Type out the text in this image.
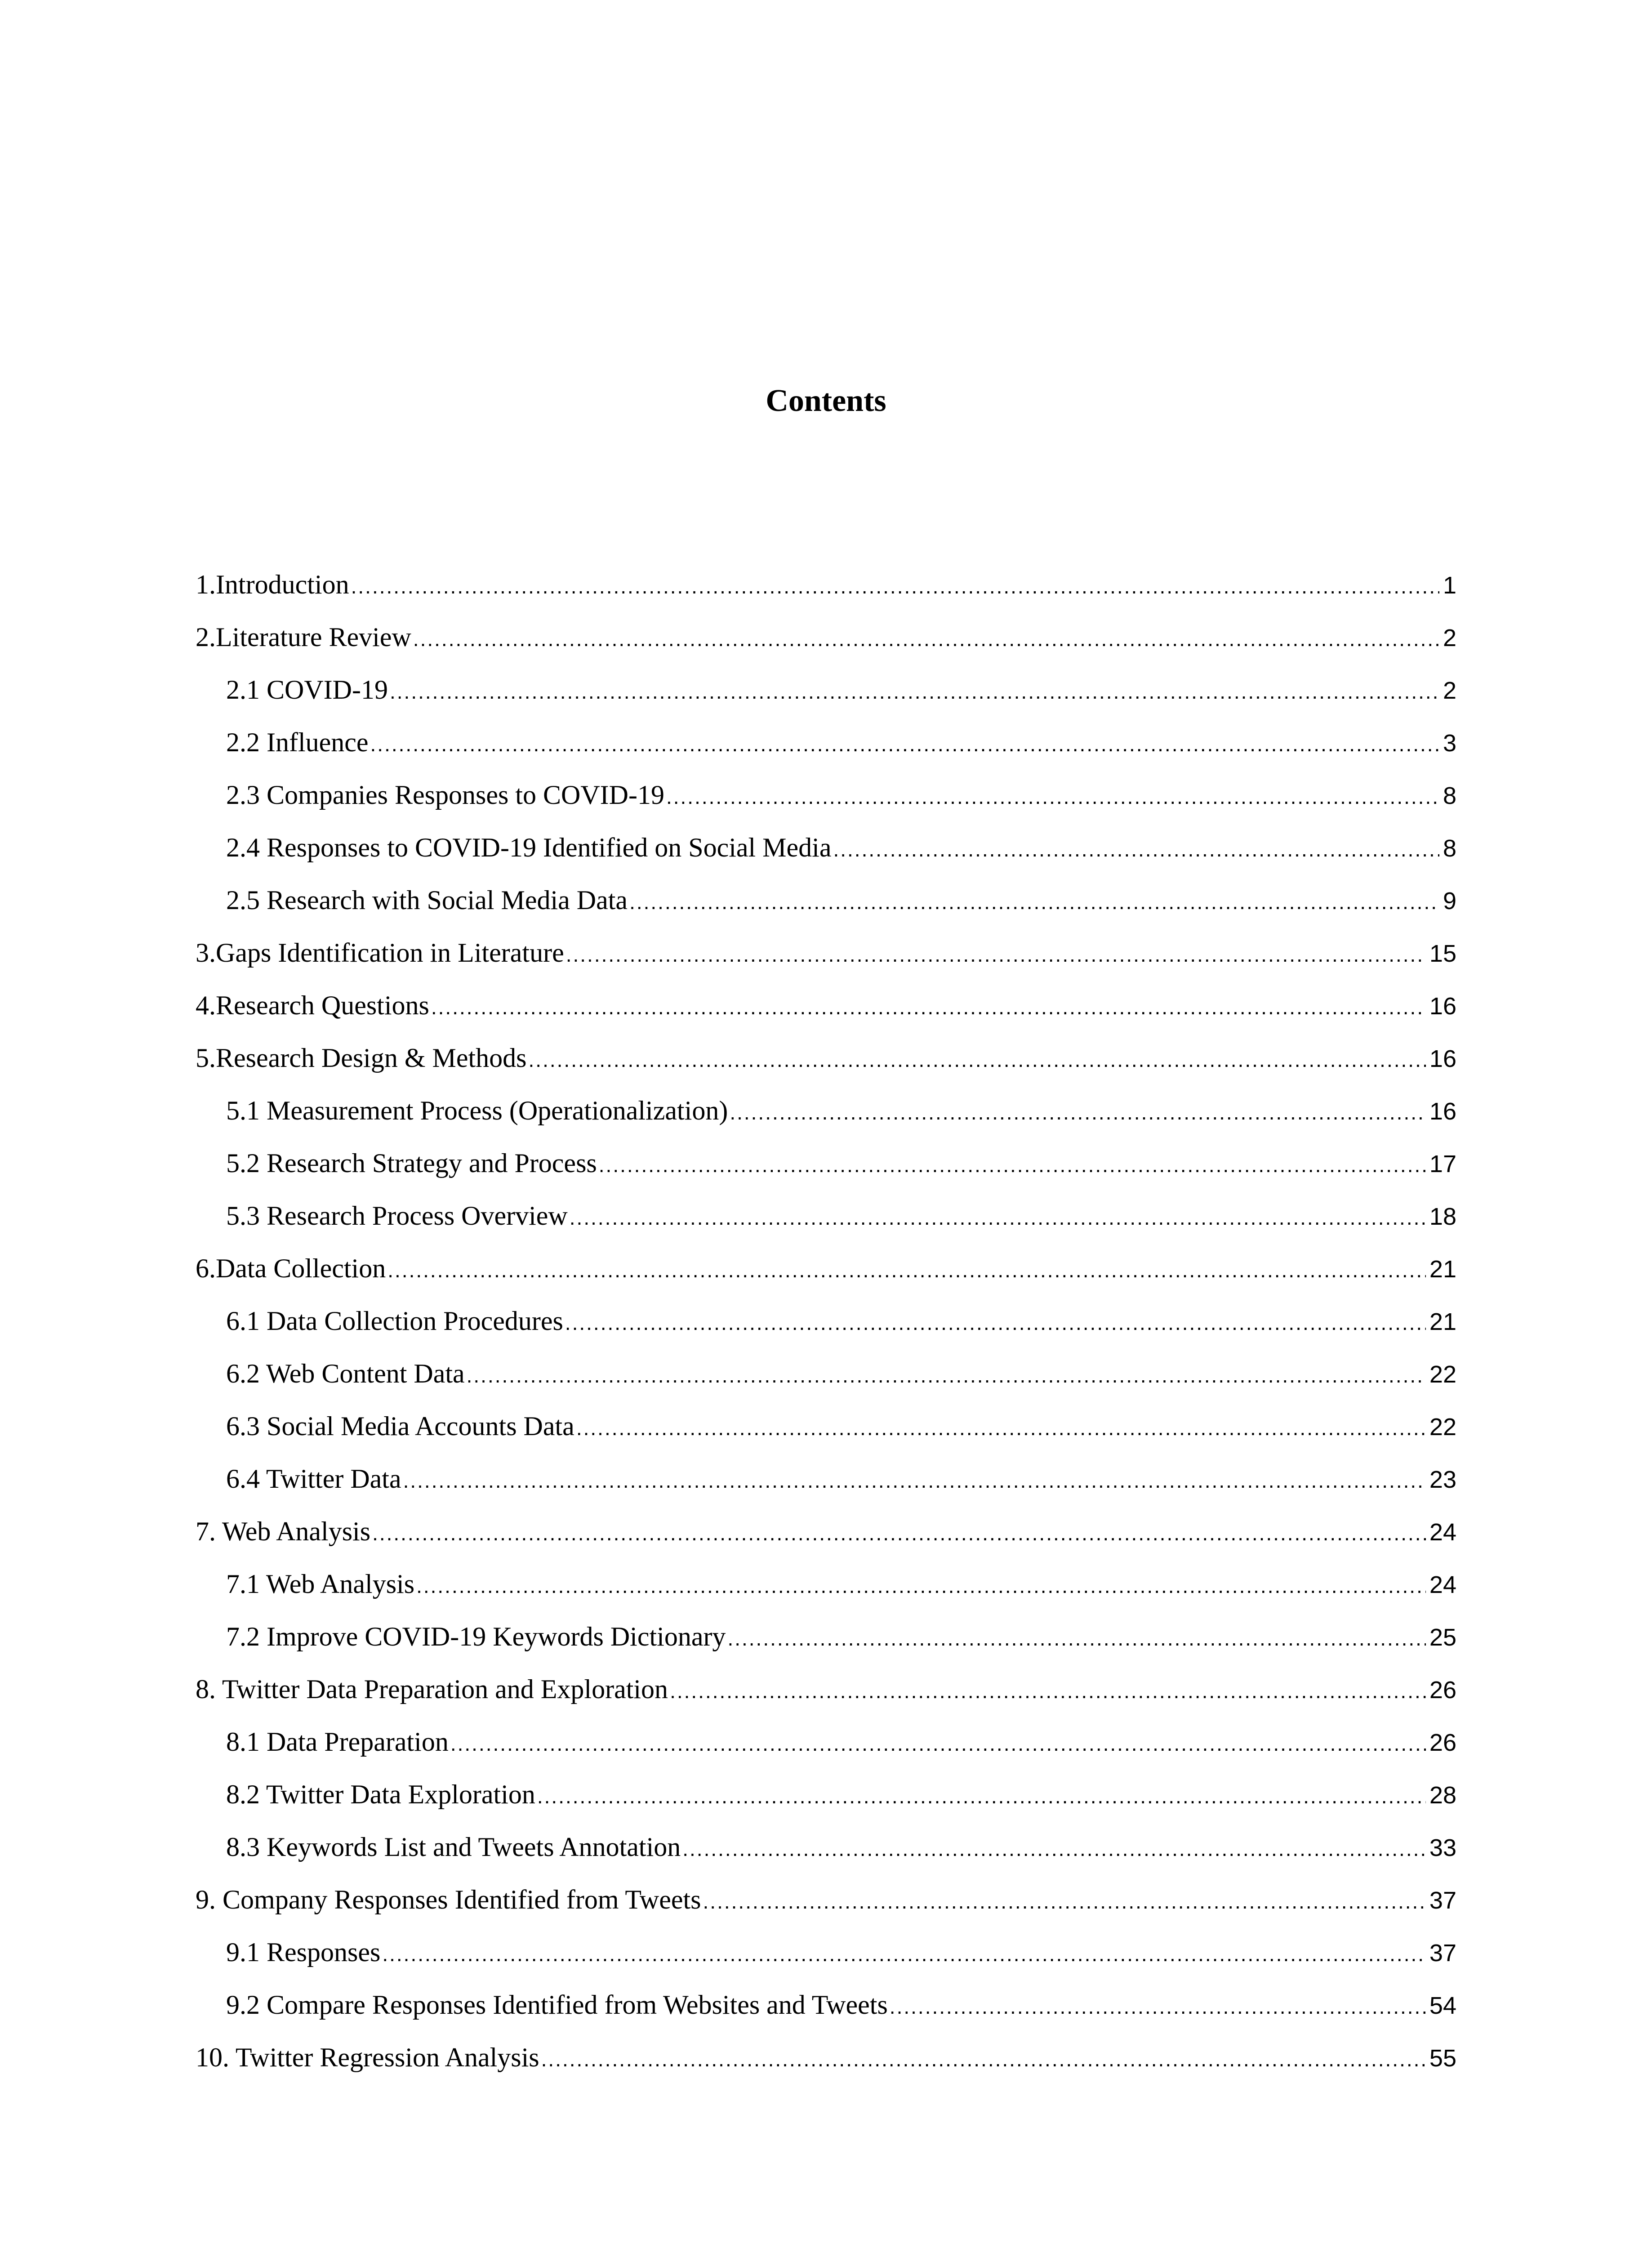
Contents
1.Introduction .....	1
2.Literature Review .....	2
2.1 COVID-19 .....	2
2.2 Influence .....	3
2.3 Companies Responses to COVID-19 .....	8
2.4 Responses to COVID-19 Identified on Social Media .....	8
2.5 Research with Social Media Data .....	9
3.Gaps Identification in Literature .....	15
4.Research Questions .....	16
5.Research Design & Methods .....	16
5.1 Measurement Process (Operationalization) .....	16
5.2 Research Strategy and Process .....	17
5.3 Research Process Overview .....	18
6.Data Collection .....	21
6.1 Data Collection Procedures .....	21
6.2 Web Content Data .....	22
6.3 Social Media Accounts Data .....	22
6.4 Twitter Data .....	23
7. Web Analysis .....	24
7.1 Web Analysis .....	24
7.2 Improve COVID-19 Keywords Dictionary .....	25
8. Twitter Data Preparation and Exploration .....	26
8.1 Data Preparation .....	26
8.2 Twitter Data Exploration .....	28
8.3 Keywords List and Tweets Annotation .....	33
9. Company Responses Identified from Tweets .....	37
9.1 Responses .....	37
9.2 Compare Responses Identified from Websites and Tweets .....	54
10. Twitter Regression Analysis .....	55
